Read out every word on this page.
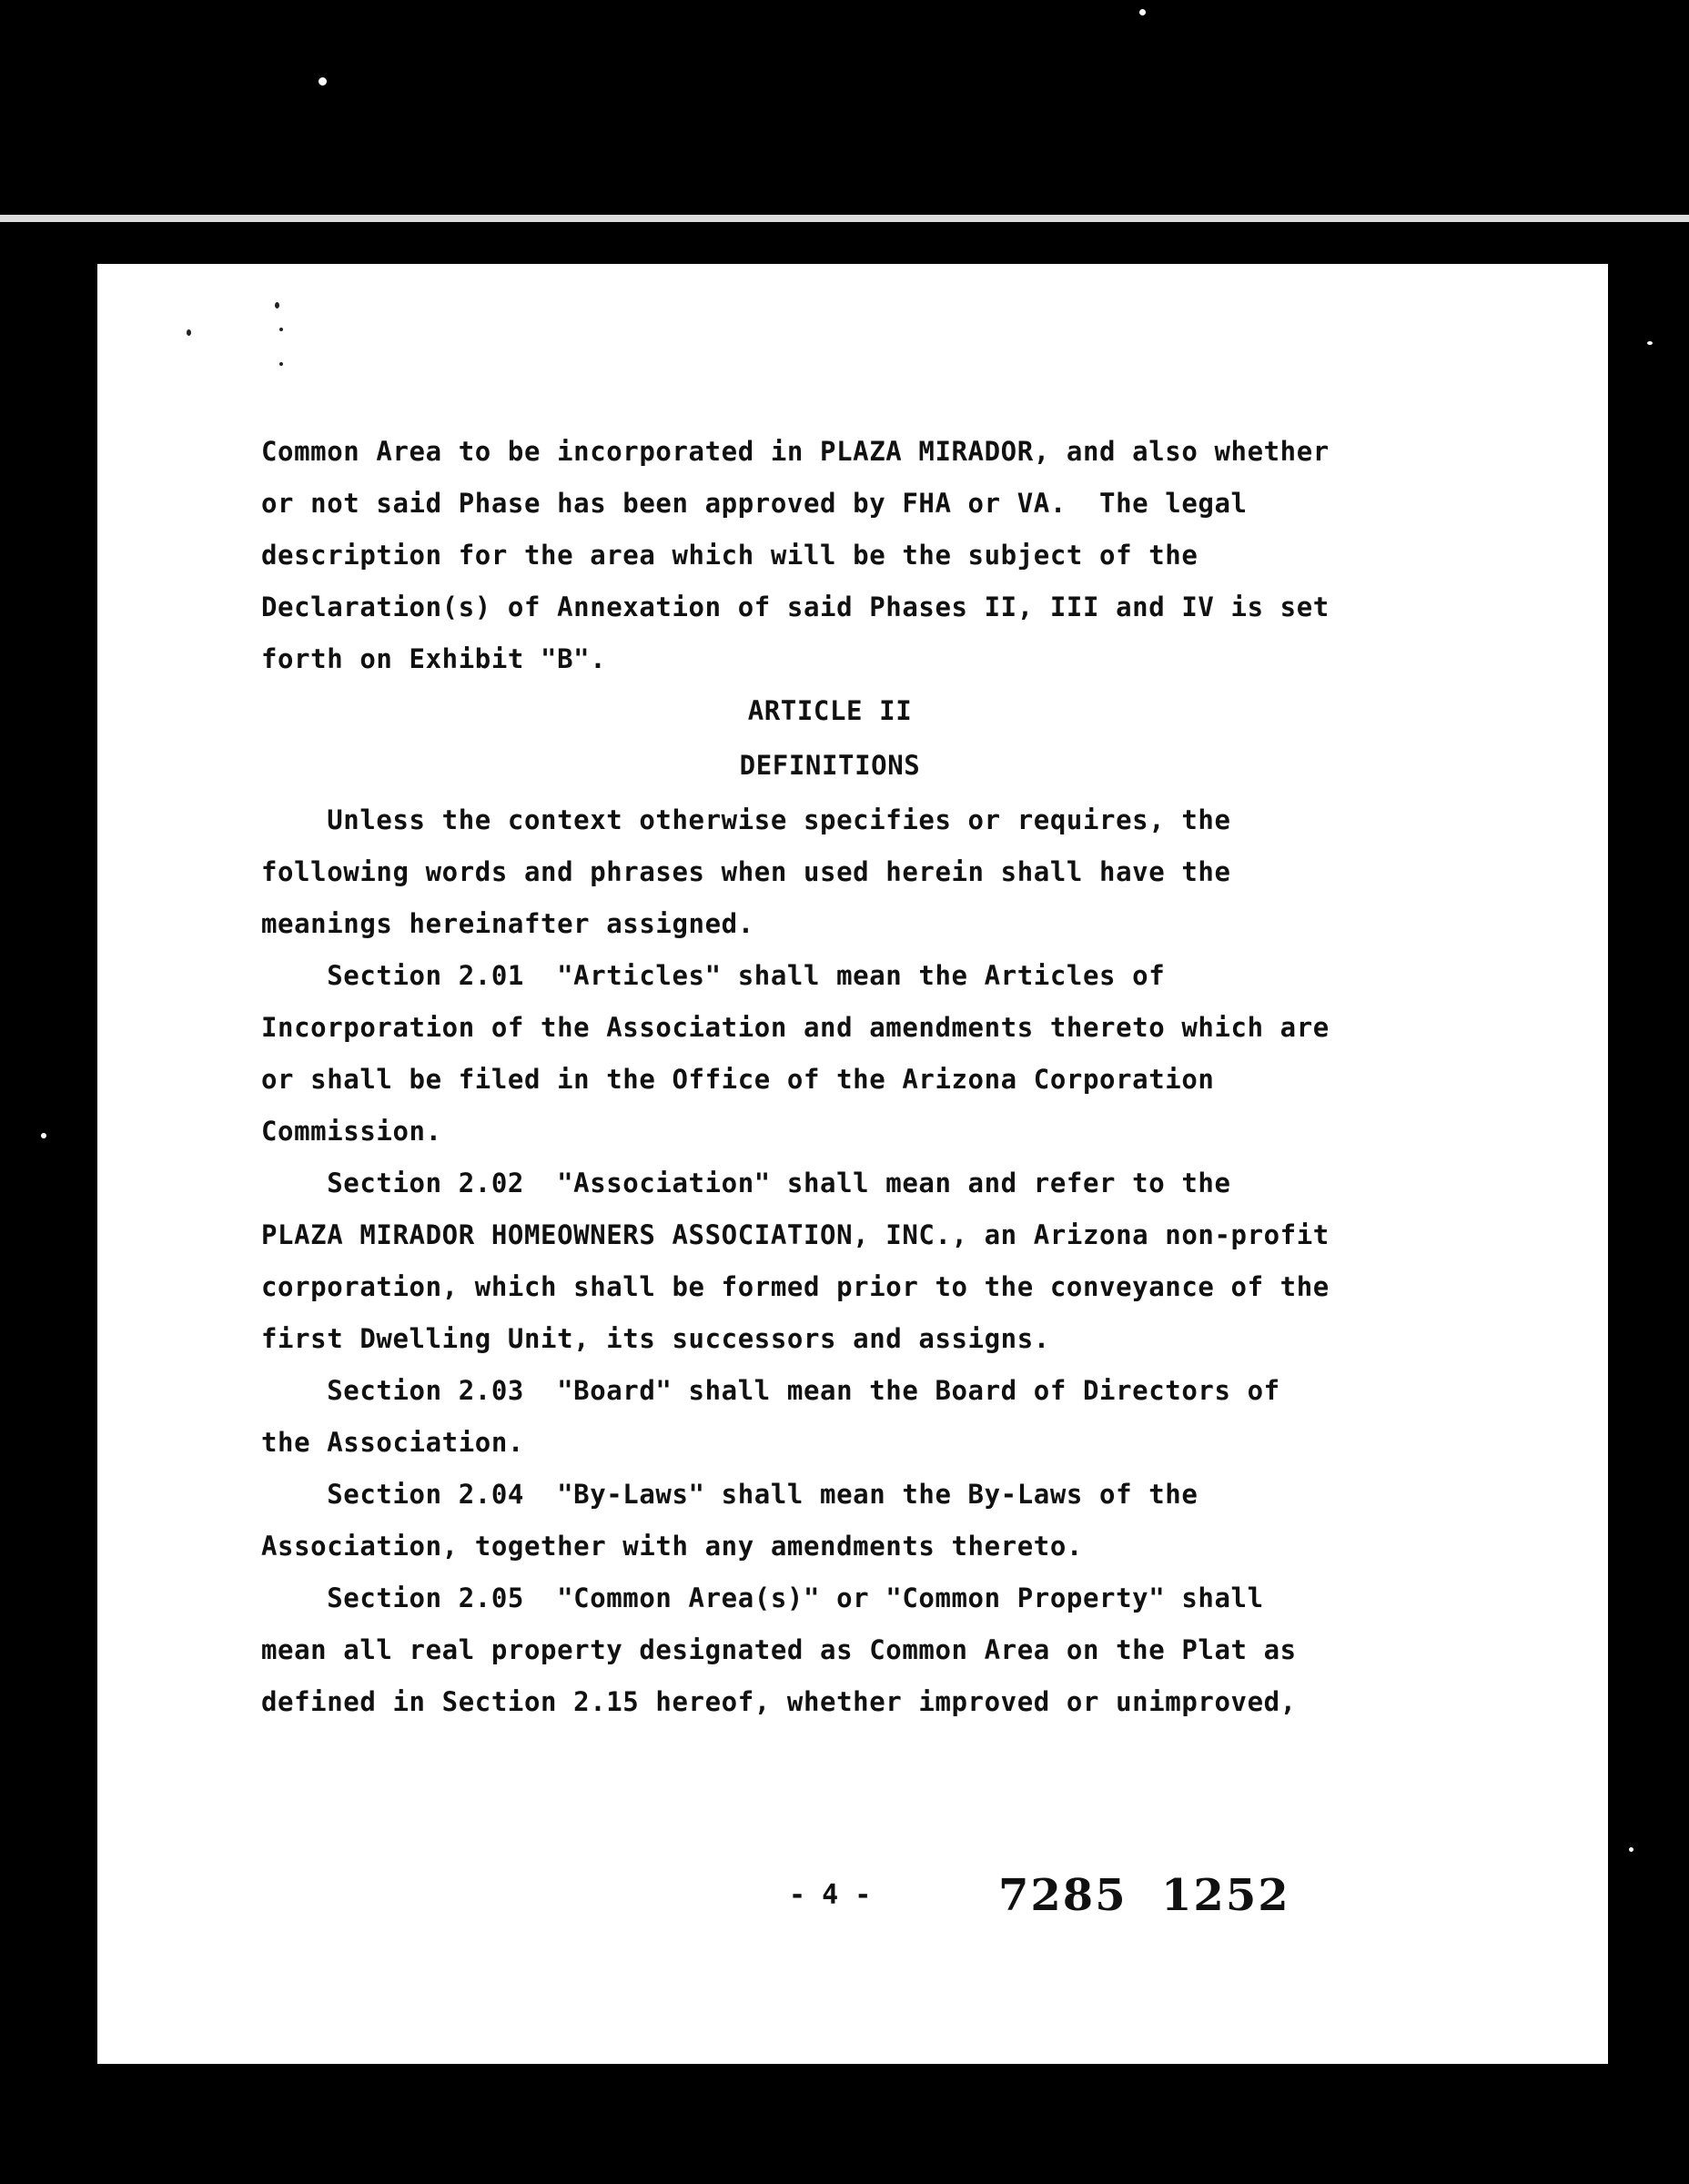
Common Area to be incorporated in PLAZA MIRADOR, and also whether
or not said Phase has been approved by FHA or VA.  The legal
description for the area which will be the subject of the
Declaration(s) of Annexation of said Phases II, III and IV is set
forth on Exhibit "B".
ARTICLE II
DEFINITIONS
Unless the context otherwise specifies or requires, the
following words and phrases when used herein shall have the
meanings hereinafter assigned.
Section 2.01  "Articles" shall mean the Articles of
Incorporation of the Association and amendments thereto which are
or shall be filed in the Office of the Arizona Corporation
Commission.
Section 2.02  "Association" shall mean and refer to the
PLAZA MIRADOR HOMEOWNERS ASSOCIATION, INC., an Arizona non-profit
corporation, which shall be formed prior to the conveyance of the
first Dwelling Unit, its successors and assigns.
Section 2.03  "Board" shall mean the Board of Directors of
the Association.
Section 2.04  "By-Laws" shall mean the By-Laws of the
Association, together with any amendments thereto.
Section 2.05  "Common Area(s)" or "Common Property" shall
mean all real property designated as Common Area on the Plat as
defined in Section 2.15 hereof, whether improved or unimproved,
- 4 -	7285  1252
